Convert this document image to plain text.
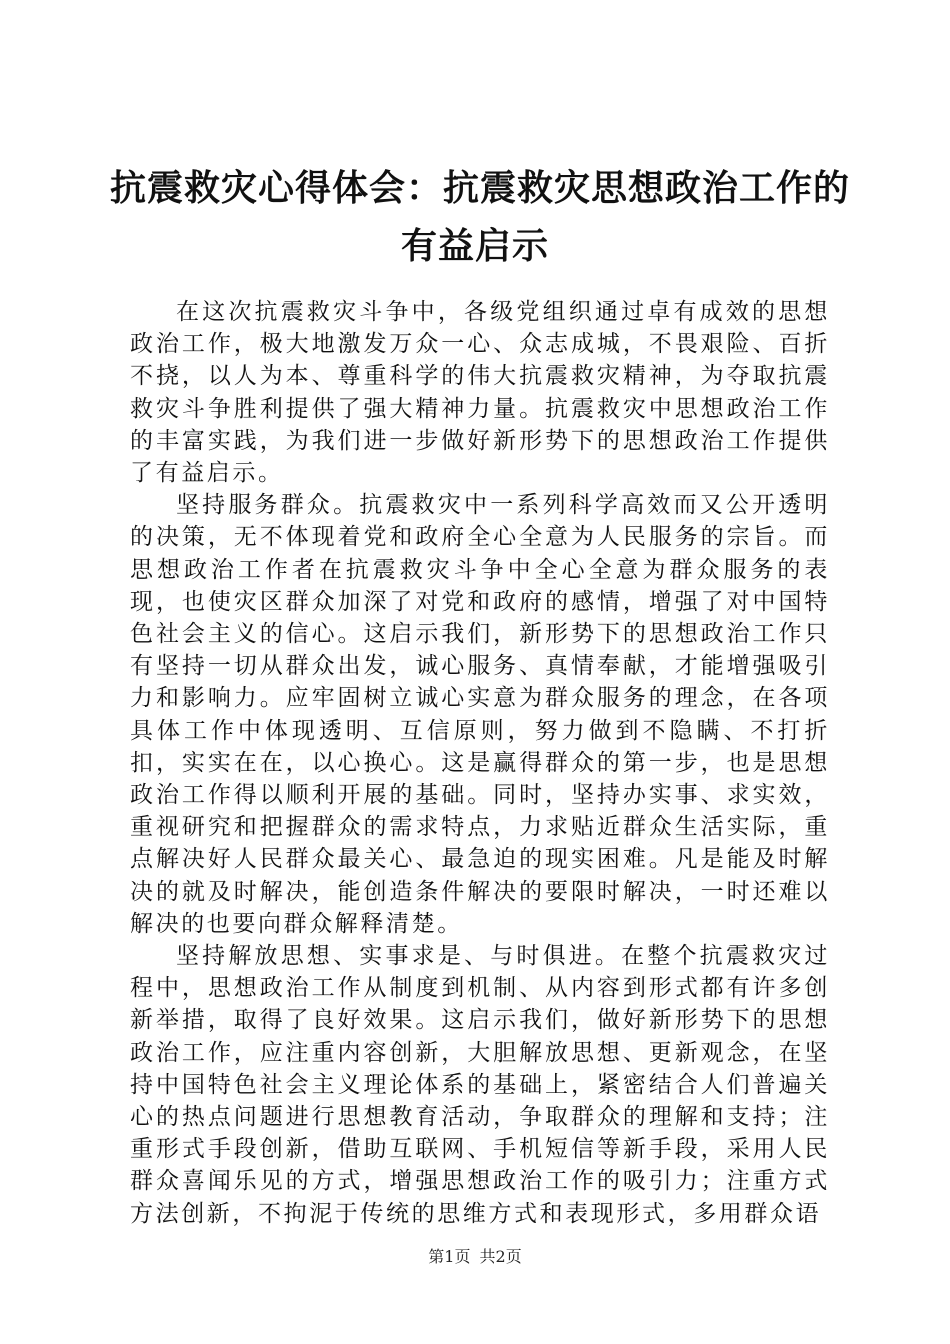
抗震救灾心得体会：抗震救灾思想政治工作的
有益启示

在这次抗震救灾斗争中，各级党组织通过卓有成效的思想政治工作，极大地激发万众一心、众志成城，不畏艰险、百折不挠，以人为本、尊重科学的伟大抗震救灾精神，为夺取抗震救灾斗争胜利提供了强大精神力量。抗震救灾中思想政治工作的丰富实践，为我们进一步做好新形势下的思想政治工作提供了有益启示。

坚持服务群众。抗震救灾中一系列科学高效而又公开透明的决策，无不体现着党和政府全心全意为人民服务的宗旨。而思想政治工作者在抗震救灾斗争中全心全意为群众服务的表现，也使灾区群众加深了对党和政府的感情，增强了对中国特色社会主义的信心。这启示我们，新形势下的思想政治工作只有坚持一切从群众出发，诚心服务、真情奉献，才能增强吸引力和影响力。应牢固树立诚心实意为群众服务的理念，在各项具体工作中体现透明、互信原则，努力做到不隐瞒、不打折扣，实实在在，以心换心。这是赢得群众的第一步，也是思想政治工作得以顺利开展的基础。同时，坚持办实事、求实效，重视研究和把握群众的需求特点，力求贴近群众生活实际，重点解决好人民群众最关心、最急迫的现实困难。凡是能及时解决的就及时解决，能创造条件解决的要限时解决，一时还难以解决的也要向群众解释清楚。

坚持解放思想、实事求是、与时俱进。在整个抗震救灾过程中，思想政治工作从制度到机制、从内容到形式都有许多创新举措，取得了良好效果。这启示我们，做好新形势下的思想政治工作，应注重内容创新，大胆解放思想、更新观念，在坚持中国特色社会主义理论体系的基础上，紧密结合人们普遍关心的热点问题进行思想教育活动，争取群众的理解和支持；注重形式手段创新，借助互联网、手机短信等新手段，采用人民群众喜闻乐见的方式，增强思想政治工作的吸引力；注重方式方法创新，不拘泥于传统的思维方式和表现形式，多用群众语

第1页 共2页
